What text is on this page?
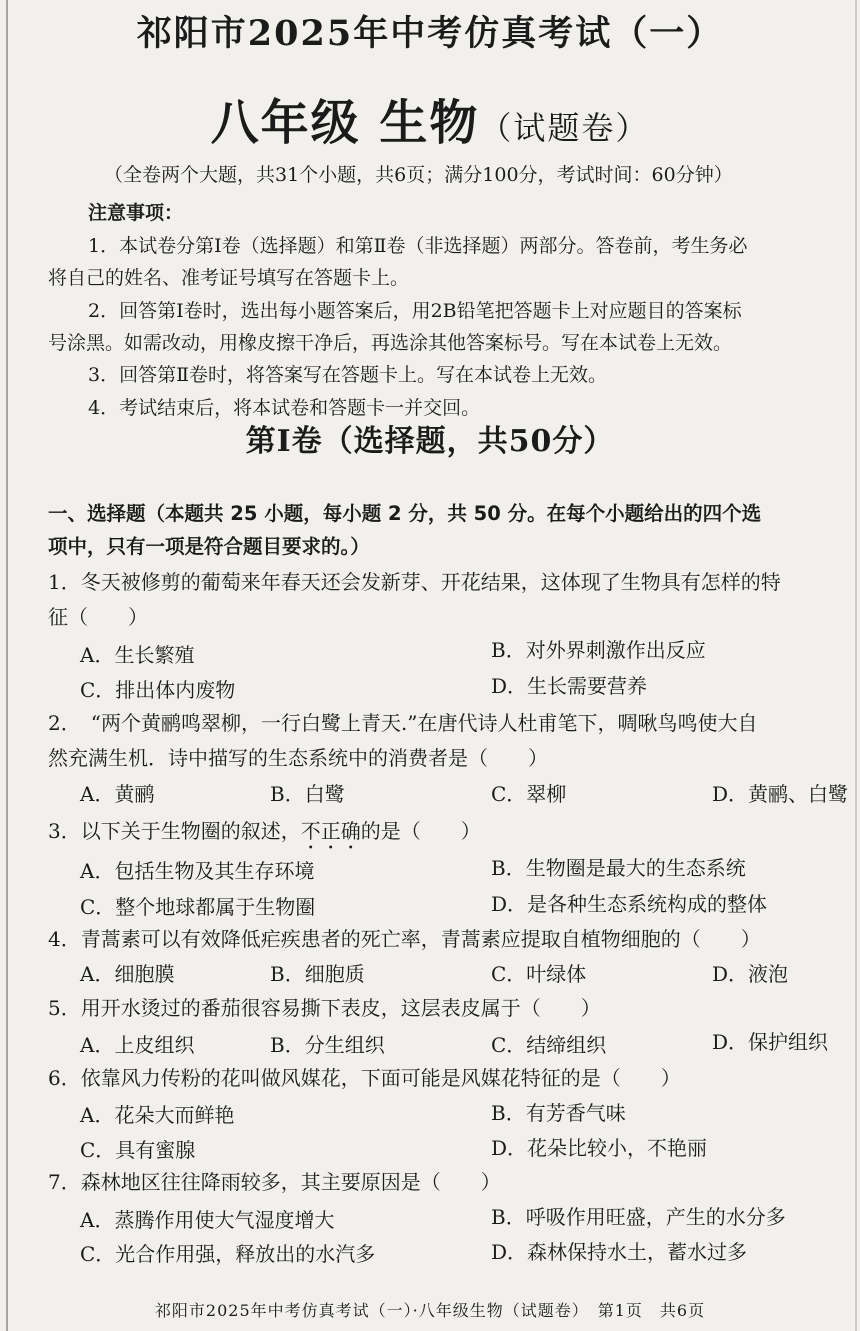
祁阳市2025年中考仿真考试（一）
八年级 生物（试题卷）
（全卷两个大题，共31个小题，共6页；满分100分，考试时间：60分钟）
注意事项：
1．本试卷分第Ⅰ卷（选择题）和第Ⅱ卷（非选择题）两部分。答卷前，考生务必
将自己的姓名、准考证号填写在答题卡上。
2．回答第Ⅰ卷时，选出每小题答案后，用2B铅笔把答题卡上对应题目的答案标
号涂黑。如需改动，用橡皮擦干净后，再选涂其他答案标号。写在本试卷上无效。
3．回答第Ⅱ卷时，将答案写在答题卡上。写在本试卷上无效。
4．考试结束后，将本试卷和答题卡一并交回。
第Ⅰ卷（选择题，共50分）
一、选择题（本题共 25 小题，每小题 2 分，共 50 分。在每个小题给出的四个选
项中，只有一项是符合题目要求的。）
1．冬天被修剪的葡萄来年春天还会发新芽、开花结果，这体现了生物具有怎样的特
征（　　）
A．生长繁殖	B．对外界刺激作出反应
C．排出体内废物	D．生长需要营养
2．　“两个黄鹂鸣翠柳，一行白鹭上青天.”在唐代诗人杜甫笔下，啁啾鸟鸣使大自
然充满生机．诗中描写的生态系统中的消费者是（　　）
A．黄鹂	B．白鹭	C．翠柳	D．黄鹂、白鹭
3．以下关于生物圈的叙述，不正确的是（　　）
A．包括生物及其生存环境	B．生物圈是最大的生态系统
C．整个地球都属于生物圈	D．是各种生态系统构成的整体
4．青蒿素可以有效降低疟疾患者的死亡率，青蒿素应提取自植物细胞的（　　）
A．细胞膜	B．细胞质	C．叶绿体	D．液泡
5．用开水烫过的番茄很容易撕下表皮，这层表皮属于（　　）
A．上皮组织	B．分生组织	C．结缔组织	D．保护组织
6．依靠风力传粉的花叫做风媒花，下面可能是风媒花特征的是（　　）
A．花朵大而鲜艳	B．有芳香气味
C．具有蜜腺	D．花朵比较小，不艳丽
7．森林地区往往降雨较多，其主要原因是（　　）
A．蒸腾作用使大气湿度增大	B．呼吸作用旺盛，产生的水分多
C．光合作用强，释放出的水汽多	D．森林保持水土，蓄水过多
祁阳市2025年中考仿真考试（一）·八年级生物（试题卷）　第1页　共6页
